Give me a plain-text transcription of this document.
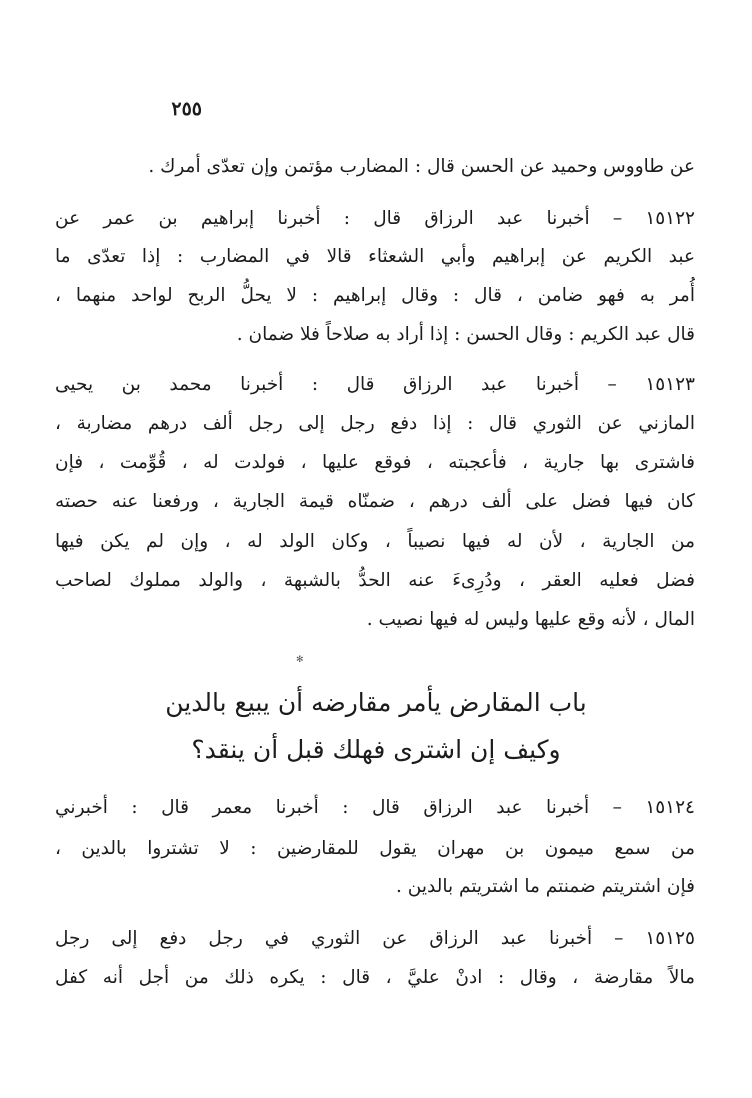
٢٥٥
عن طاووس وحميد عن الحسن قال : المضارب مؤتمن وإن تعدّى أمرك .
١٥١٢٢ – أخبرنا عبد الرزاق قال : أخبرنا إبراهيم بن عمر عن
عبد الكريم عن إبراهيم وأبي الشعثاء قالا في المضارب : إذا تعدّى ما
أُمر به فهو ضامن ، قال : وقال إبراهيم : لا يحلُّ الربح لواحد منهما ،
قال عبد الكريم : وقال الحسن : إذا أراد به صلاحاً فلا ضمان .
١٥١٢٣ – أخبرنا عبد الرزاق قال : أخبرنا محمد بن يحيى
المازني عن الثوري قال : إذا دفع رجل إلى رجل ألف درهم مضاربة ،
فاشترى بها جارية ، فأعجبته ، فوقع عليها ، فولدت له ، قُوِّمت ، فإن
كان فيها فضل على ألف درهم ، ضمنّاه قيمة الجارية ، ورفعنا عنه حصته
من الجارية ، لأن له فيها نصيباً ، وكان الولد له ، وإن لم يكن فيها
فضل فعليه العقر ، ودُرِىءَ عنه الحدُّ بالشبهة ، والولد مملوك لصاحب
المال ، لأنه وقع عليها وليس له فيها نصيب .
✻
باب المقارض يأمر مقارضه أن يبيع بالدين
وكيف إن اشترى فهلك قبل أن ينقد؟
١٥١٢٤ – أخبرنا عبد الرزاق قال : أخبرنا معمر قال : أخبرني
من سمع ميمون بن مهران يقول للمقارضين : لا تشتروا بالدين ،
فإن اشتريتم ضمنتم ما اشتريتم بالدين .
١٥١٢٥ – أخبرنا عبد الرزاق عن الثوري في رجل دفع إلى رجل
مالاً مقارضة ، وقال : ادنْ عليَّ ، قال : يكره ذلك من أجل أنه كفل
